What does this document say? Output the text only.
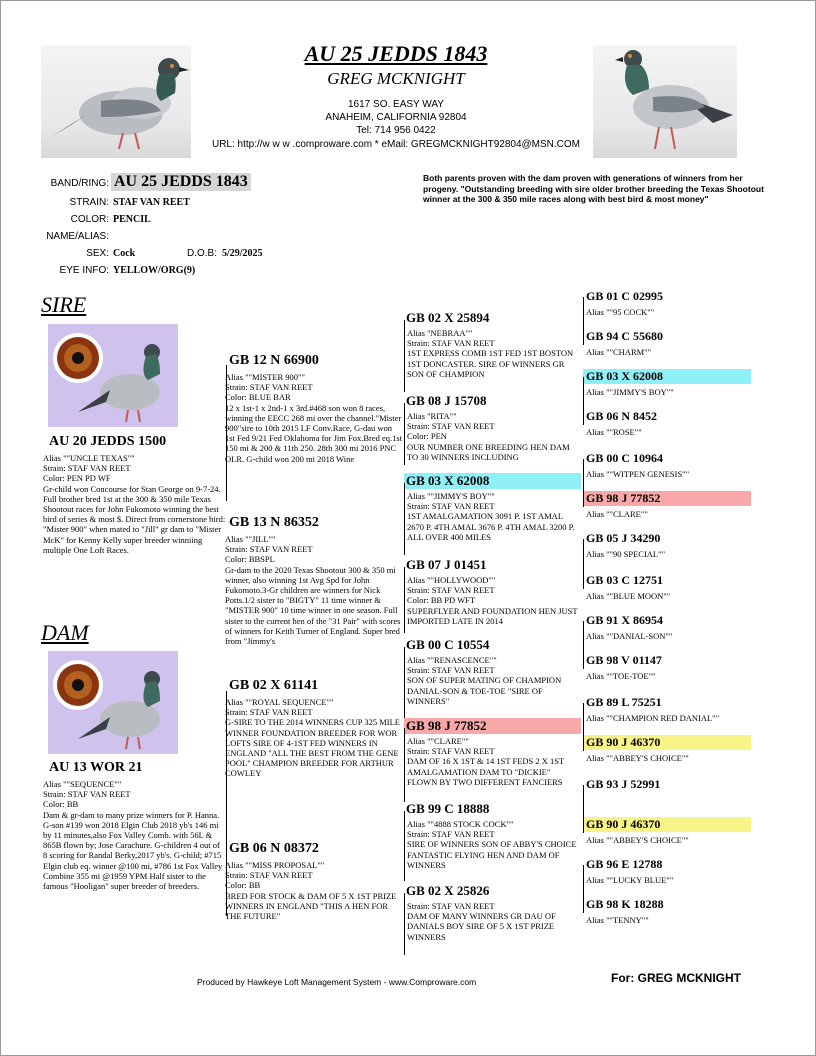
AU 25 JEDDS 1843
GREG MCKNIGHT
1617 SO. EASY WAY
ANAHEIM, CALIFORNIA 92804
Tel: 714 956 0422
URL: http://w w w .comproware.com * eMail: GREGMCKNIGHT92804@MSN.COM
BAND/RING: AU 25 JEDDS 1843
STRAIN: STAF VAN REET
COLOR: PENCIL
NAME/ALIAS:
SEX: Cock	D.O.B: 5/29/2025
EYE INFO: YELLOW/ORG(9)
Both parents proven with the dam proven with generations of winners from her progeny. "Outstanding breeding with sire older brother breeding the Texas Shootout winner at the 300 & 350 mile races along with best bird & most money"
SIRE
AU 20 JEDDS 1500
Alias ""UNCLE TEXAS""
Strain: STAF VAN REET
Color: PEN PD WF
Gr-child won Concourse for Stan George on 9-7-24. Full brother bred 1st at the 300 & 350 mile Texas Shootout races for John Fukomoto winning the best bird of series & most $. Direct from cornerstone bird: "Mister 900" when mated to "Jill" gr dam to "Mister McK" for Kenny Kelly super breeder winniing multiple One Loft Races.
DAM
AU 13 WOR 21
Alias ""SEQUENCE""
Strain: STAF VAN REET
Color: BB
Dam & gr-dam to many prize winners for P. Hanna. G-son #139 won 2018 Elgin Club 2018 yb's 146 mi by 11 minutes,also Fox Valley Comb. with 56L & 865B flown by; Jose Carachure. G-children 4 out of 8 scoring for Randal Berky,2017 yb's. G-child; #715 Elgin club eq. winner @100 mi, #786 1st Fox Valley Combine 355 mi @1959 YPM Half sister to the famous "Hooligan" super breeder of breeders.
GB 12 N 66900
Alias ""MISTER 900""
Strain: STAF VAN REET
Color: BLUE BAR
12 x 1st-1 x 2nd-1 x 3rd.#468 son won 8 races, winning the EECC 268 mi over the channel."Mister 900"sire to 10th 2015 LF Conv.Race, G-dau won 1st Fed 9/21 Fed Oklahoma for Jim Fox.Bred eq.1st 150 mi & 200 & 11th 250. 28th 300 mi 2016 PNC OLR. G-child won 200 mi 2018 Wine
GB 13 N 86352
Alias ""JILL""
Strain: STAF VAN REET
Color: BBSPL
Gr-dam to the 2020 Texas Shootout 300 & 350 mi winner, also winning 1st Avg Spd for John Fukomoto.3-Gr children are winners for Nick Potts.1/2 sister to "BIGTY" 11 time winner & "MISTER 900" 10 time winner in one season. Full sister to the current hen of the "31 Pair" with scores of winners for Keith Turner of England. Super bred from "Jimmy's
GB 02 X 61141
Alias ""ROYAL SEQUENCE""
Strain: STAF VAN REET
G-SIRE TO THE 2014 WINNERS CUP 325 MILE WINNER FOUNDATION BREEDER FOR WOR LOFTS SIRE OF 4-1ST FED WINNERS IN ENGLAND "ALL THE BEST FROM THE GENE POOL" CHAMPION BREEDER FOR ARTHUR COWLEY
GB 06 N 08372
Alias ""MISS PROPOSAL""
Strain: STAF VAN REET
Color: BB
BRED FOR STOCK & DAM OF 5 X 1ST PRIZE WINNERS IN ENGLAND "THIS A HEN FOR THE FUTURE"
GB 02 X 25894
Alias "NEBRAA""
Strain: STAF VAN REET
1ST EXPRESS COMB 1ST FED 1ST BOSTON 1ST DONCASTER. SIRE OF WINNERS GR SON OF CHAMPION
GB 08 J 15708
Alias "RITA""
Strain: STAF VAN REET
Color: PEN
OUR NUMBER ONE BREEDING HEN DAM TO 30 WINNERS INCLUDING
GB 03 X 62008
Alias ""JIMMY'S BOY""
Strain: STAF VAN REET
1ST AMALGAMATION 3091 P. 1ST AMAL 2670 P. 4TH AMAL 3676 P. 4TH AMAL 3200 P. ALL OVER 400 MILES
GB 07 J 01451
Alias ""HOLLYWOOD""
Strain: STAF VAN REET
Color: BB PD WFT
SUPERFLYER AND FOUNDATION HEN JUST IMPORTED LATE IN 2014
GB 00 C 10554
Alias ""RENASCENCE""
Strain: STAF VAN REET
SON OF SUPER MATING OF CHAMPION DANIAL-SON & TOE-TOE "SIRE OF WINNERS"
GB 98 J 77852
Alias ""CLARE""
Strain: STAF VAN REET
DAM OF 16 X 1ST & 14 1ST FEDS 2 X 1ST AMALGAMATION DAM TO "DICKIE" FLOWN BY TWO DIFFERENT FANCIERS
GB 99 C 18888
Alias ""4888 STOCK COCK""
Strain: STAF VAN REET
SIRE OF WINNERS SON OF ABBY'S CHOICE FANTASTIC FLYING HEN AND DAM OF WINNERS
GB 02 X 25826
Strain: STAF VAN REET
DAM OF MANY WINNERS GR DAU OF DANIALS BOY SIRE OF 5 X 1ST PRIZE WINNERS
GB 01 C 02995
Alias ""95 COCK""
GB 94 C 55680
Alias ""CHARM""
GB 03 X 62008
Alias ""JIMMY'S BOY""
GB 06 N 8452
Alias ""ROSE""
GB 00 C 10964
Alias ""WITPEN GENESIS""
GB 98 J 77852
Alias ""CLARE""
GB 05 J 34290
Alias ""90 SPECIAL""
GB 03 C 12751
Alias ""BLUE MOON""
GB 91 X 86954
Alias ""DANIAL-SON""
GB 98 V 01147
Alias ""TOE-TOE""
GB 89 L 75251
Alias ""CHAMPION RED DANIAL""
GB 90 J 46370
Alias ""ABBEY'S CHOICE""
GB 93 J 52991
GB 90 J 46370
Alias ""ABBEY'S CHOICE""
GB 96 E 12788
Alias ""LUCKY BLUE""
GB 98 K 18288
Alias ""TENNY""
Produced by Hawkeye Loft Management System - www.Comproware.com	For: GREG MCKNIGHT
